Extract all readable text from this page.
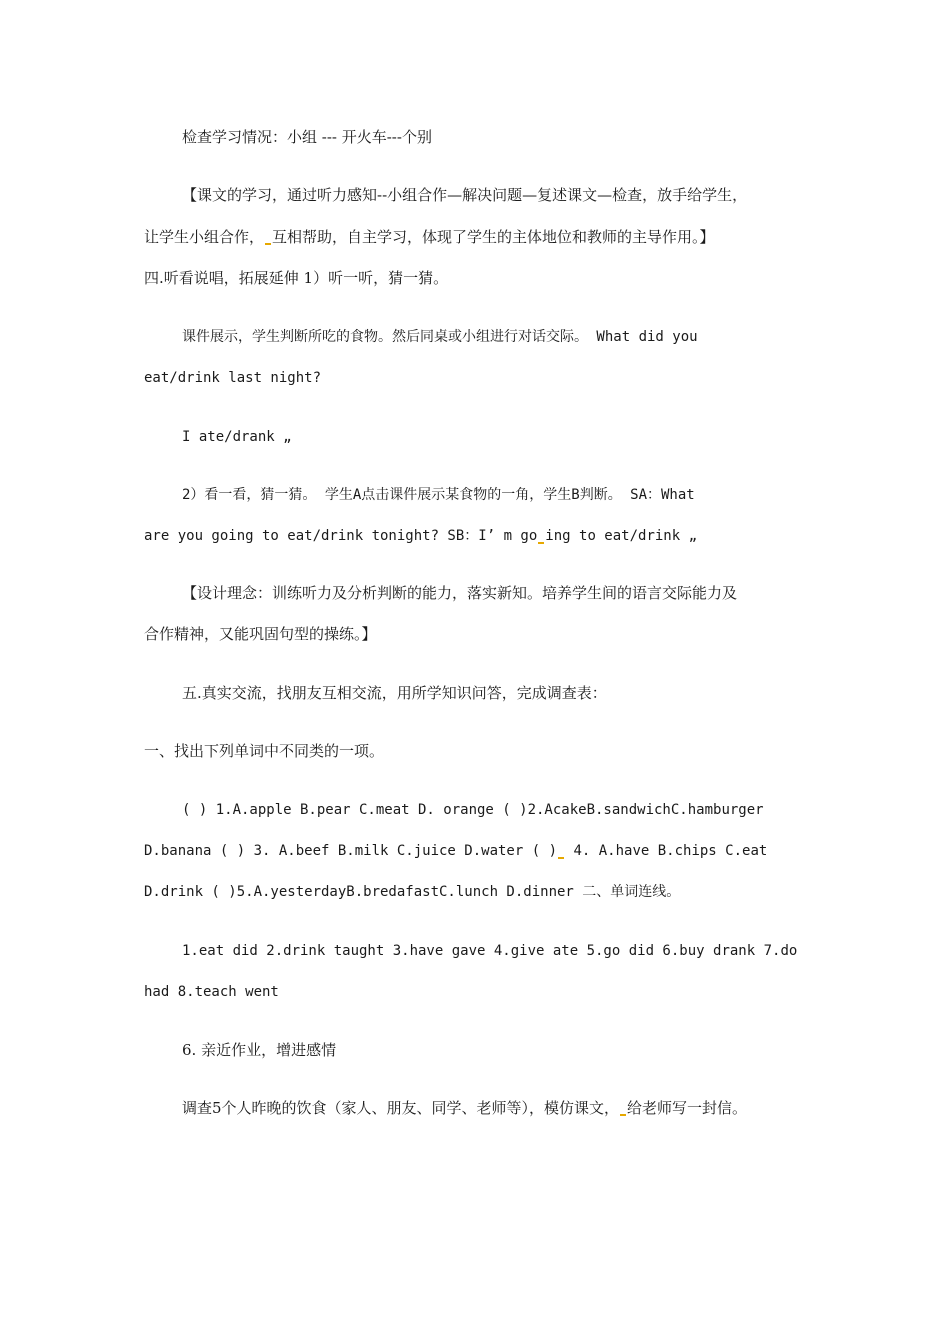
检查学习情况：小组 --- 开火车---个别
【课文的学习，通过听力感知--小组合作—解决问题—复述课文—检查，放手给学生，
让学生小组合作， 互相帮助，自主学习，体现了学生的主体地位和教师的主导作用。】
四.听看说唱，拓展延伸 1）听一听，猜一猜。
课件展示，学生判断所吃的食物。然后同桌或小组进行对话交际。 What did you
eat/drink last night?
I ate/drank „
2）看一看，猜一猜。 学生A点击课件展示某食物的一角，学生B判断。 SA：What
are you going to eat/drink tonight? SB：I’ m go ing to eat/drink „
【设计理念：训练听力及分析判断的能力，落实新知。培养学生间的语言交际能力及
合作精神，又能巩固句型的操练。】
五.真实交流，找朋友互相交流，用所学知识问答，完成调查表：
一、找出下列单词中不同类的一项。
( ) 1.A.apple B.pear C.meat D. orange ( )2.AcakeB.sandwichC.hamburger
D.banana ( ) 3. A.beef B.milk C.juice D.water ( ) 4. A.have B.chips C.eat
D.drink ( )5.A.yesterdayB.bredafastC.lunch D.dinner 二、单词连线。
1.eat did 2.drink taught 3.have gave 4.give ate 5.go did 6.buy drank 7.do
had 8.teach went
6. 亲近作业，增进感情
调查5个人昨晚的饮食（家人、朋友、同学、老师等），模仿课文， 给老师写一封信。
